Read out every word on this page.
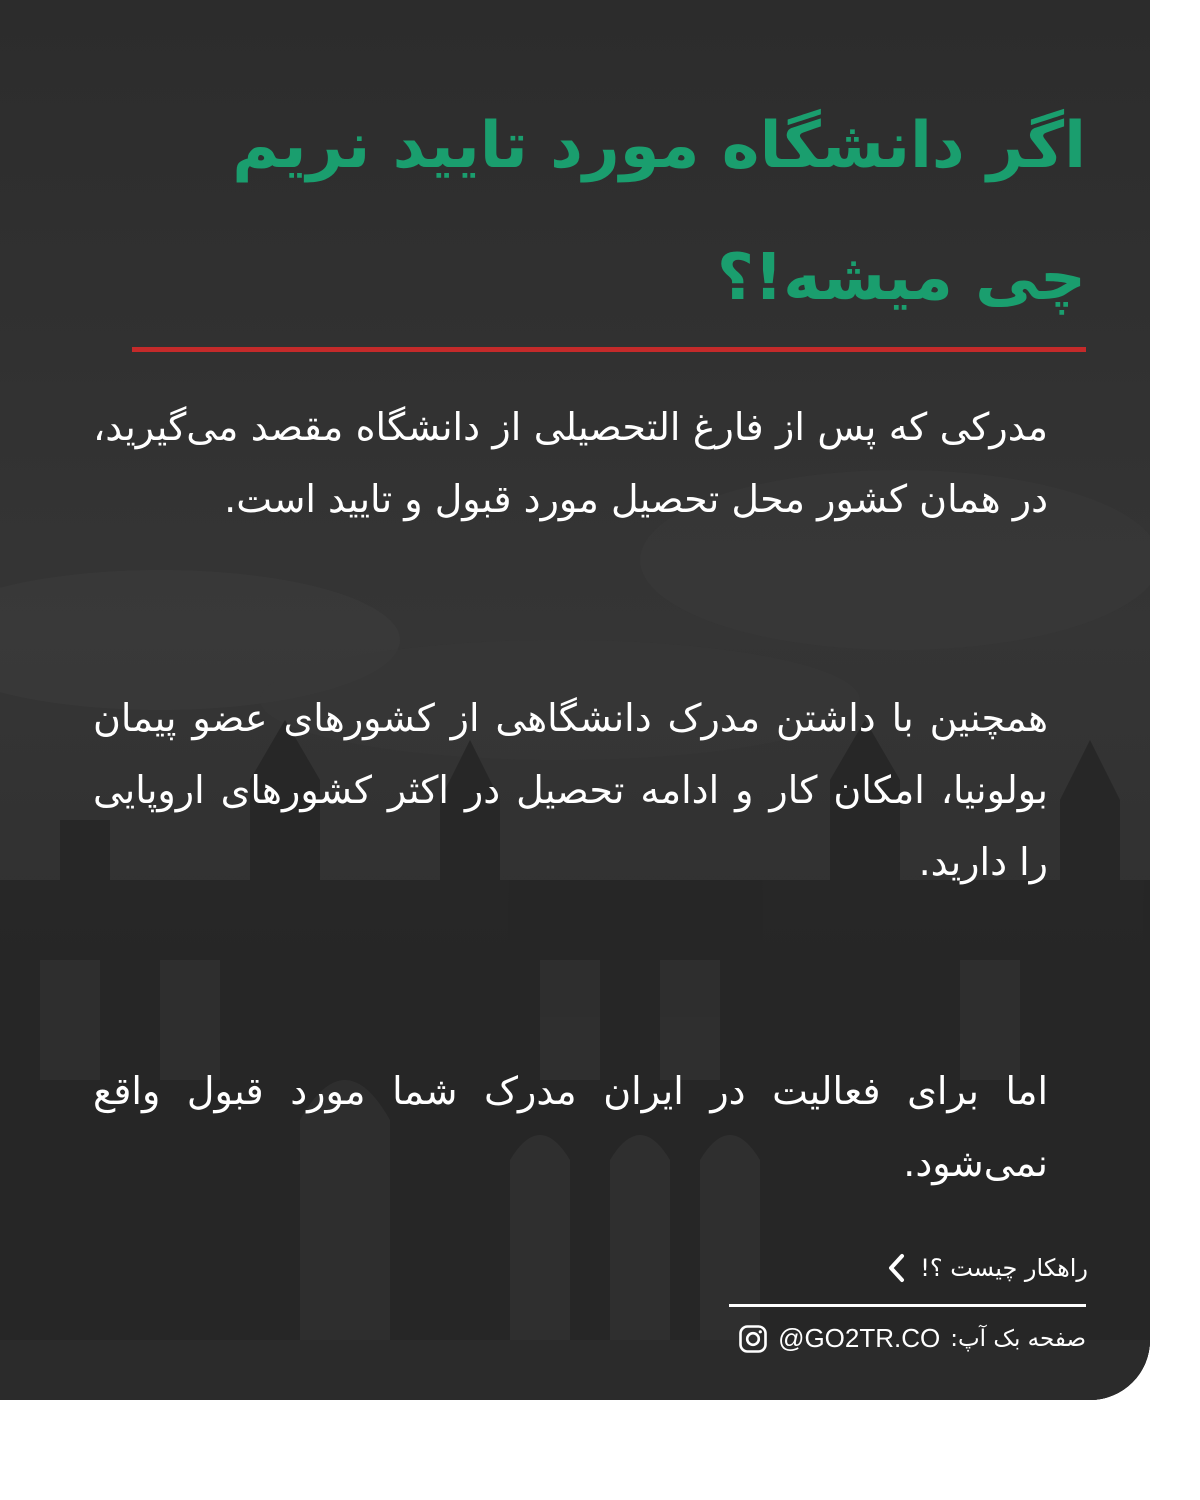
اگر دانشگاه مورد تایید نریم
چی میشه!؟

مدرکی که پس از فارغ التحصیلی از دانشگاه مقصد می‌گیرید، در همان کشور محل تحصیل مورد قبول و تایید است.

همچنین با داشتن مدرک دانشگاهی از کشورهای عضو پیمان بولونیا، امکان کار و ادامه تحصیل در اکثر کشورهای اروپایی را دارید.

اما برای فعالیت در ایران مدرک شما مورد قبول واقع نمی‌شود.

راهکار چیست ؟!
صفحه بک آپ:
@GO2TR.CO
